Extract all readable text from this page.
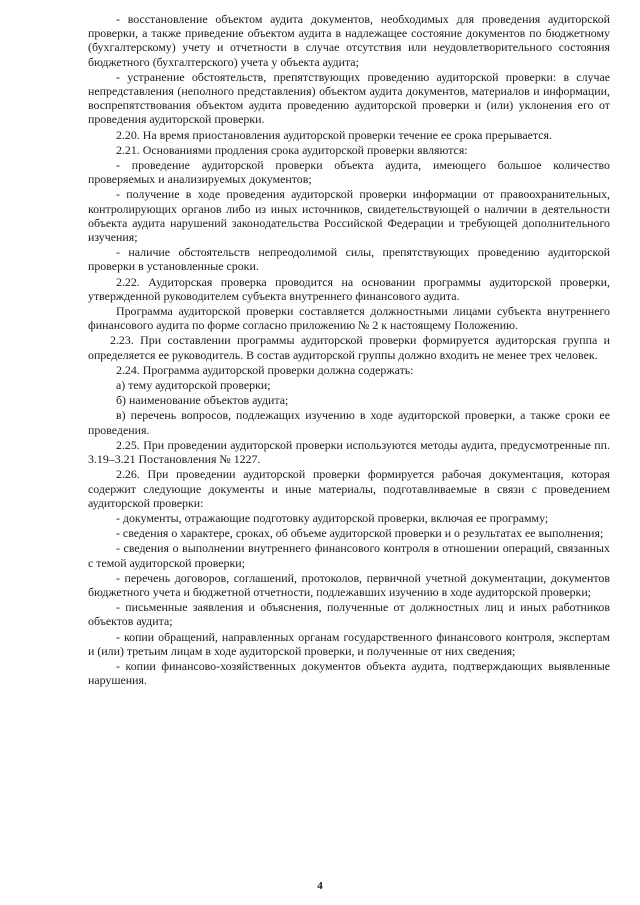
- восстановление объектом аудита документов, необходимых для проведения аудиторской проверки, а также приведение объектом аудита в надлежащее состояние документов по бюджетному (бухгалтерскому) учету и отчетности в случае отсутствия или неудовлетворительного состояния бюджетного (бухгалтерского) учета у объекта аудита;

- устранение обстоятельств, препятствующих проведению аудиторской проверки: в случае непредставления (неполного представления) объектом аудита документов, материалов и информации, воспрепятствования объектом аудита проведению аудиторской проверки и (или) уклонения его от проведения аудиторской проверки.

2.20. На время приостановления аудиторской проверки течение ее срока прерывается.

2.21. Основаниями продления срока аудиторской проверки являются:

- проведение аудиторской проверки объекта аудита, имеющего большое количество проверяемых и анализируемых документов;

- получение в ходе проведения аудиторской проверки информации от правоохранительных, контролирующих органов либо из иных источников, свидетельствующей о наличии в деятельности объекта аудита нарушений законодательства Российской Федерации и требующей дополнительного изучения;

- наличие обстоятельств непреодолимой силы, препятствующих проведению аудиторской проверки в установленные сроки.

2.22. Аудиторская проверка проводится на основании программы аудиторской проверки, утвержденной руководителем субъекта внутреннего финансового аудита.

Программа аудиторской проверки составляется должностными лицами субъекта внутреннего финансового аудита по форме согласно приложению № 2 к настоящему Положению.

2.23. При составлении программы аудиторской проверки формируется аудиторская группа и определяется ее руководитель. В состав аудиторской группы должно входить не менее трех человек.

2.24. Программа аудиторской проверки должна содержать:

а) тему аудиторской проверки;

б) наименование объектов аудита;

в) перечень вопросов, подлежащих изучению в ходе аудиторской проверки, а также сроки ее проведения.

2.25. При проведении аудиторской проверки используются методы аудита, предусмотренные пп. 3.19–3.21 Постановления № 1227.

2.26. При проведении аудиторской проверки формируется рабочая документация, которая содержит следующие документы и иные материалы, подготавливаемые в связи с проведением аудиторской проверки:

- документы, отражающие подготовку аудиторской проверки, включая ее программу;

- сведения о характере, сроках, об объеме аудиторской проверки и о результатах ее выполнения;

- сведения о выполнении внутреннего финансового контроля в отношении операций, связанных с темой аудиторской проверки;

- перечень договоров, соглашений, протоколов, первичной учетной документации, документов бюджетного учета и бюджетной отчетности, подлежавших изучению в ходе аудиторской проверки;

- письменные заявления и объяснения, полученные от должностных лиц и иных работников объектов аудита;

- копии обращений, направленных органам государственного финансового контроля, экспертам и (или) третьим лицам в ходе аудиторской проверки, и полученные от них сведения;

- копии финансово-хозяйственных документов объекта аудита, подтверждающих выявленные нарушения.

4
